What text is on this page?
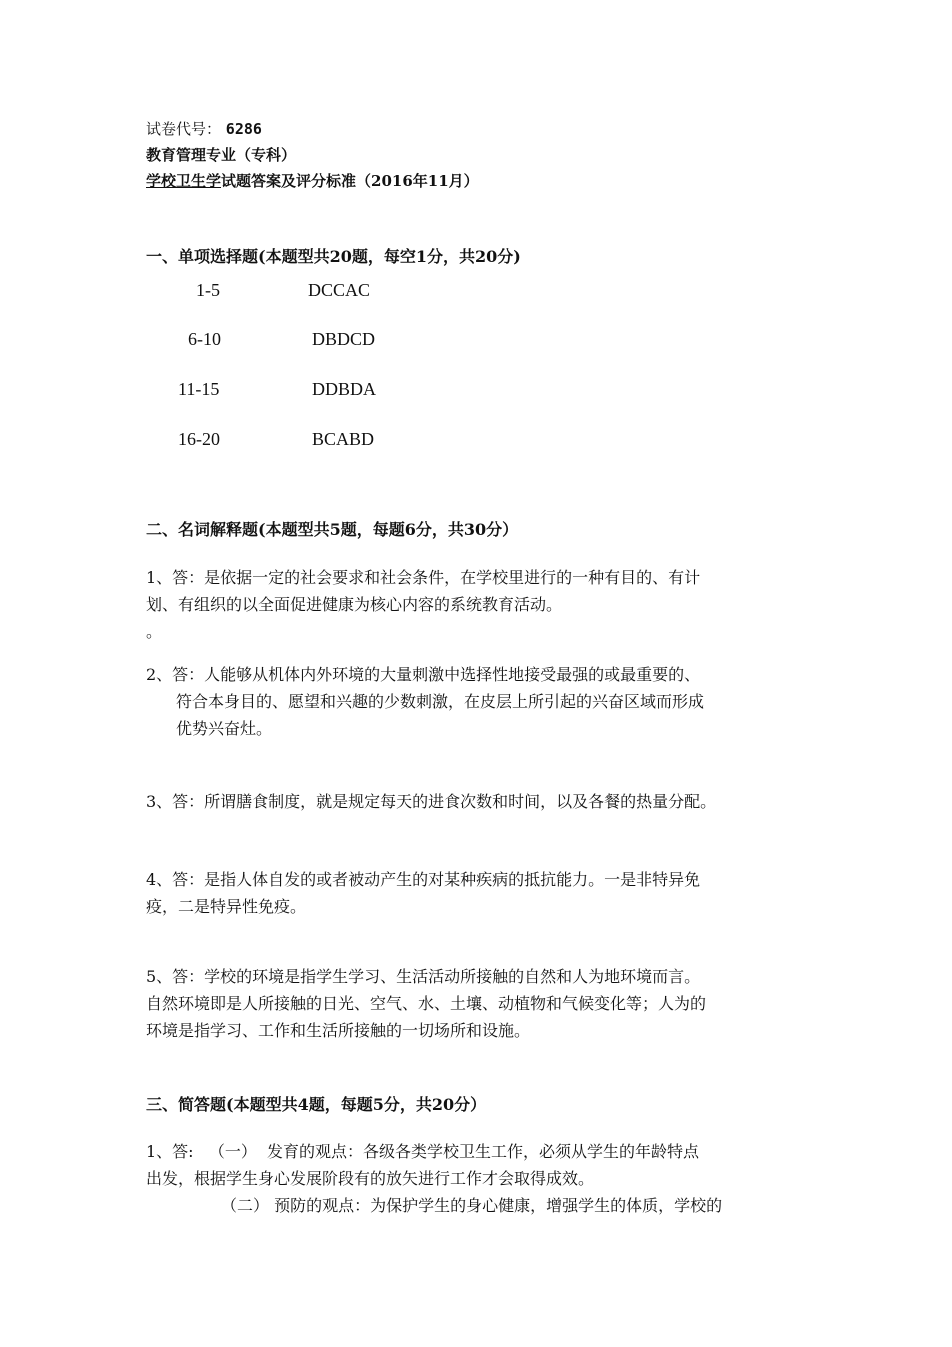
试卷代号： 6286
教育管理专业（专科）
学校卫生学试题答案及评分标准（2016年11月）
一、单项选择题(本题型共20题，每空1分，共20分)
1-5	DCCAC
6-10	DBDCD
11-15	DDBDA
16-20	BCABD
二、名词解释题(本题型共5题，每题6分，共30分）

1、答：是依据一定的社会要求和社会条件，在学校里进行的一种有目的、有计

划、有组织的以全面促进健康为核心内容的系统教育活动。

。

2、答：人能够从机体内外环境的大量刺激中选择性地接受最强的或最重要的、

符合本身目的、愿望和兴趣的少数刺激，在皮层上所引起的兴奋区域而形成

优势兴奋灶。

3、答：所谓膳食制度，就是规定每天的进食次数和时间，以及各餐的热量分配。

4、答：是指人体自发的或者被动产生的对某种疾病的抵抗能力。一是非特异免

疫，二是特异性免疫。

5、答：学校的环境是指学生学习、生活活动所接触的自然和人为地环境而言。

自然环境即是人所接触的日光、空气、水、土壤、动植物和气候变化等；人为的

环境是指学习、工作和生活所接触的一切场所和设施。

三、简答题(本题型共4题，每题5分，共20分）

1、答:   （一）  发育的观点：各级各类学校卫生工作，必须从学生的年龄特点

出发，根据学生身心发展阶段有的放矢进行工作才会取得成效。

（二） 预防的观点：为保护学生的身心健康，增强学生的体质，学校的
